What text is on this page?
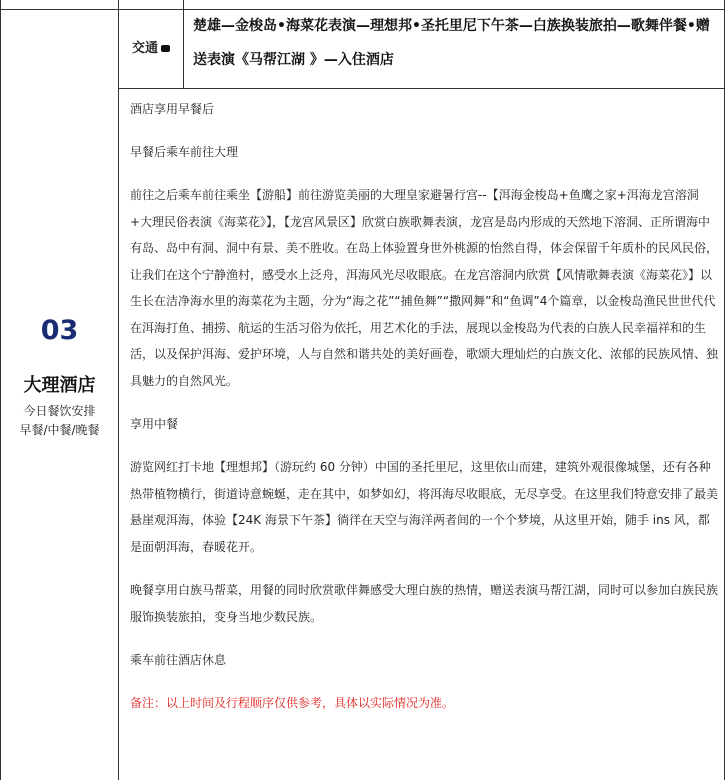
03
大理酒店
今日餐饮安排
早餐/中餐/晚餐
交通
楚雄—金梭岛•海菜花表演—理想邦•圣托里尼下午茶—白族换装旅拍—歌舞伴餐•赠送表演《马帮江湖 》—入住酒店

酒店享用早餐后

早餐后乘车前往大理

前往之后乘车前往乘坐【游船】前往游览美丽的大理皇家避暑行宫--【洱海金梭岛+鱼鹰之家+洱海龙宫溶洞+大理民俗表演《海菜花》】，【龙宫风景区】欣赏白族歌舞表演，龙宫是岛内形成的天然地下溶洞、正所谓海中有岛、岛中有洞、洞中有景、美不胜收。在岛上体验置身世外桃源的怡然自得，体会保留千年质朴的民风民俗，让我们在这个宁静渔村，感受水上泛舟，洱海风光尽收眼底。在龙宫溶洞内欣赏【风情歌舞表演《海菜花》】以生长在洁净海水里的海菜花为主题，分为“海之花”“捕鱼舞”“撒网舞”和“鱼调”4个篇章，以金梭岛渔民世世代代在洱海打鱼、捕捞、航运的生活习俗为依托，用艺术化的手法，展现以金梭岛为代表的白族人民幸福祥和的生活，以及保护洱海、爱护环境，人与自然和谐共处的美好画卷，歌颂大理灿烂的白族文化、浓郁的民族风情、独具魅力的自然风光。

享用中餐

游览网红打卡地【理想邦】（游玩约 60 分钟）中国的圣托里尼，这里依山而建，建筑外观很像城堡，还有各种热带植物横行，街道诗意蜿蜒，走在其中，如梦如幻，将洱海尽收眼底，无尽享受。在这里我们特意安排了最美悬崖观洱海，体验【24K 海景下午茶】徜徉在天空与海洋两者间的一个个梦境，从这里开始，随手 ins 风，都是面朝洱海，春暖花开。

晚餐享用白族马帮菜，用餐的同时欣赏歌伴舞感受大理白族的热情，赠送表演马帮江湖，同时可以参加白族民族服饰换装旅拍，变身当地少数民族。

乘车前往酒店休息

备注：以上时间及行程顺序仅供参考，具体以实际情况为准。
